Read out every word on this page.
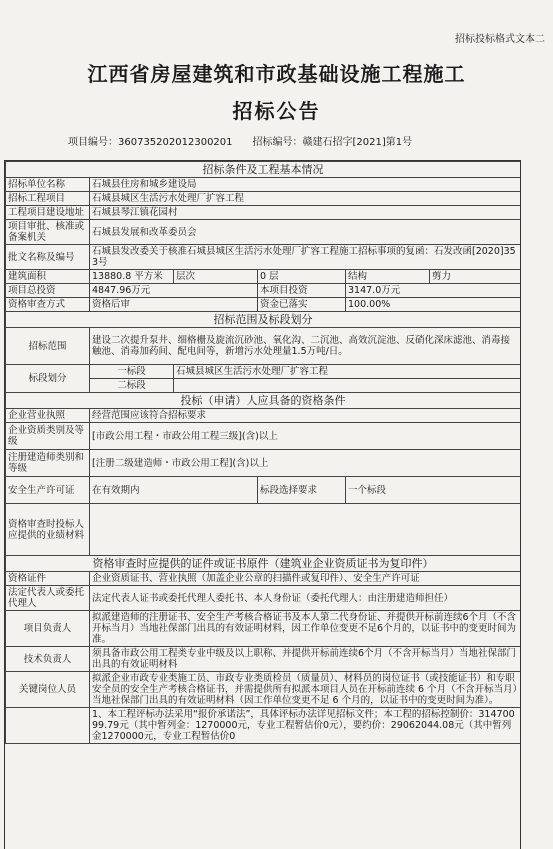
招标投标格式文本二
江西省房屋建筑和市政基础设施工程施工
招标公告
项目编号：36073520201230020​1 招标编号：赣建石招字[2021]第1号
招标条件及工程基本情况					
招标单位名称	石城县住房和城乡建设局				
招标工程项目	石城县城区生活污水处理厂扩容工程				
工程项目建设地址	石城县琴江镇花园村				
项目审批、核准或备案机关	石城县发展和改革委员会				
批文名称及编号	石城县发改委关于核准石城县城区生活污水处理厂扩容工程施工招标事项的复函：石发改函[2020]353号				
建筑面积	13880.8 平方米	层次	0 层	结构	剪力
项目总投资	4847.96万元		本项目投资	3147.0万元	
资格审查方式	资格后审		资金已落实	100.00%	
招标范围及标段划分					
招标范围	建设二次提升泵井、细格栅及旋流沉砂池、氧化沟、二沉池、高效沉淀池、反硝化深床滤池、消毒接触池、消毒加药间、配电间等，新增污水处理量1.5万吨/日。				
标段划分	一标段	石城县城区生活污水处理厂扩容工程			
	二标段				
投标（申请）人应具备的资格条件					
企业营业执照	经营范围应该符合招标要求				
企业资质类别及等级	[市政公用工程・市政公用工程三级](含)以上				
注册建造师类别和等级	[注册二级建造师・市政公用工程](含)以上				
安全生产许可证	在有效期内		标段选择要求	一个标段	
资格审查时投标人应提供的业绩材料					
资格审查时应提供的证件或证书原件（建筑业企业资质证书为复印件）					
资格证件	企业资质证书、营业执照（加盖企业公章的扫描件或复印件）、安全生产许可证				
法定代表人或委托代理人	法定代表人证书或委托代理人委托书、本人身份证（委托代理人：由注册建造师担任）				
项目负责人	拟派建造师的注册证书、安全生产考核合格证书及本人第二代身份证、并提供开标前连续6个月（不含开标当月）当地社保部门出具的有效证明材料，因工作单位变更不足6个月的，以证书中的变更时间为准。				
技术负责人	须具备市政公用工程类专业中级及以上职称、并提供开标前连续6个月（不含开标当月）当地社保部门出具的有效证明材料				
关键岗位人员	拟派企业市政专业类施工员、市政专业类质检员（质量员）、材料员的岗位证书（或技能证书）和专职安全员的安全生产考核合格证书，并需提供所有拟派本项目人员在开标前连续 6 个月（不含开标当月）当地社保部门出具的有效证明材料（因工作单位变更不足 6 个月的，以证书中的变更时间为准）。				
	1、本工程评标办法采用“报价承诺法”，具体评标办法详见招标文件；本工程的招标控制价：31470099.79元（其中暂列金：1270000元，专业工程暂估价0元），要约价：29062044.08元（其中暂列金1270000元，专业工程暂估价0				
